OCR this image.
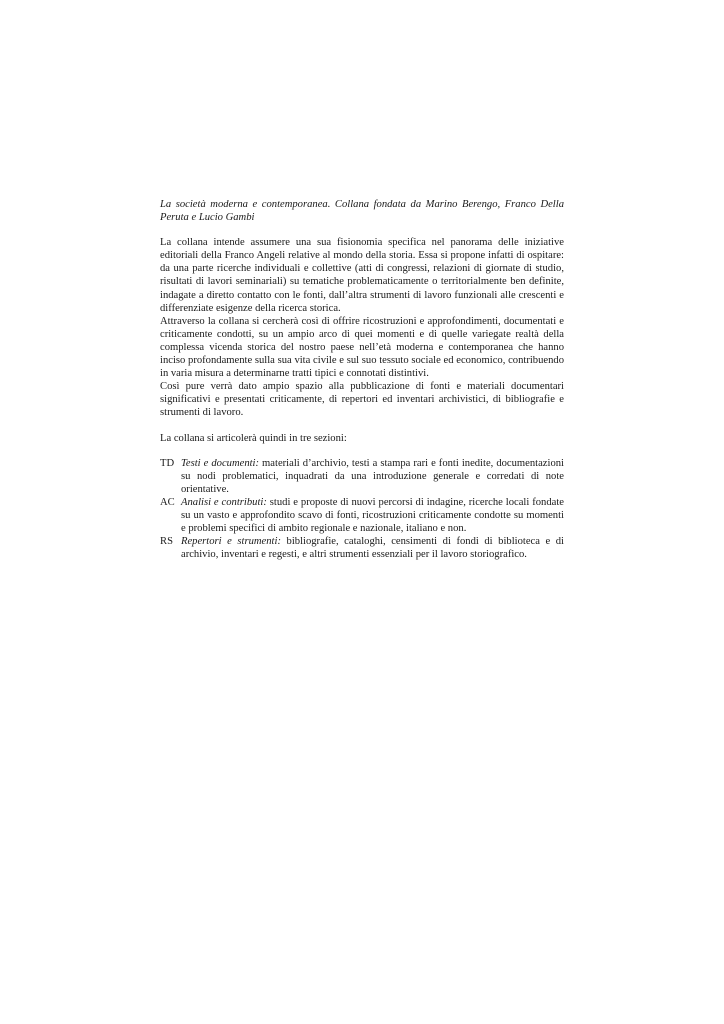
La società moderna e contemporanea. Collana fondata da Marino Berengo, Franco Della Peruta e Lucio Gambi

La collana intende assumere una sua fisionomia specifica nel panorama delle iniziative editoriali della Franco Angeli relative al mondo della storia. Essa si propone infatti di ospitare: da una parte ricerche individuali e collettive (atti di congressi, relazioni di giornate di studio, risultati di lavori seminariali) su tematiche problematicamente o territorialmente ben definite, indagate a diretto contatto con le fonti, dall’altra strumenti di lavoro funzionali alle crescenti e differenziate esigenze della ricerca storica.

Attraverso la collana si cercherà così di offrire ricostruzioni e approfondimenti, documentati e criticamente condotti, su un ampio arco di quei momenti e di quelle variegate realtà della complessa vicenda storica del nostro paese nell’età moderna e contemporanea che hanno inciso profondamente sulla sua vita civile e sul suo tessuto sociale ed economico, contribuendo in varia misura a determinarne tratti tipici e connotati distintivi.

Così pure verrà dato ampio spazio alla pubblicazione di fonti e materiali documentari significativi e presentati criticamente, di repertori ed inventari archivistici, di bibliografie e strumenti di lavoro.

La collana si articolerà quindi in tre sezioni:

TD Testi e documenti: materiali d’archivio, testi a stampa rari e fonti inedite, documentazioni su nodi problematici, inquadrati da una introduzione generale e corredati di note orientative.

AC Analisi e contributi: studi e proposte di nuovi percorsi di indagine, ricerche locali fondate su un vasto e approfondito scavo di fonti, ricostruzioni criticamente condotte su momenti e problemi specifici di ambito regionale e nazionale, italiano e non.

RS Repertori e strumenti: bibliografie, cataloghi, censimenti di fondi di biblioteca e di archivio, inventari e regesti, e altri strumenti essenziali per il lavoro storiografico.
